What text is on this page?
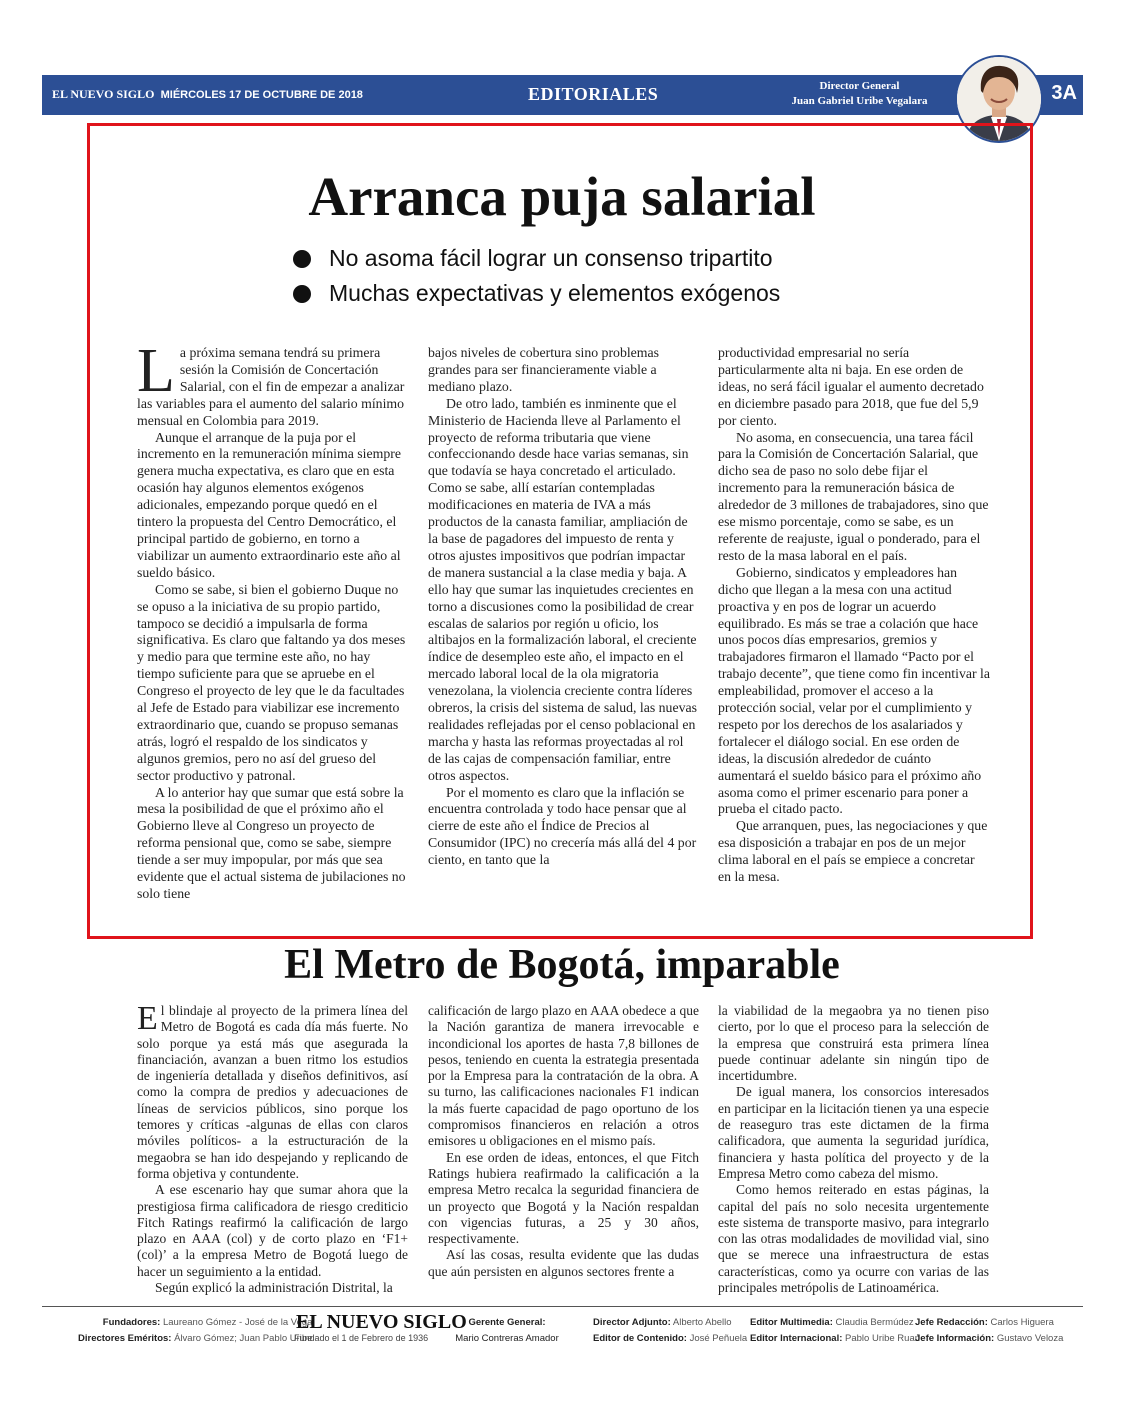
EL NUEVO SIGLO MIÉRCOLES 17 DE OCTUBRE DE 2018	EDITORIALES	Director General
Juan Gabriel Uribe Vegalara	3A
Arranca puja salarial
No asoma fácil lograr un consenso tripartito
Muchas expectativas y elementos exógenos

La próxima semana tendrá su primera sesión la Comisión de Concertación Salarial, con el fin de empezar a analizar las variables para el aumento del salario mínimo mensual en Colombia para 2019.

Aunque el arranque de la puja por el incremento en la remuneración mínima siempre genera mucha expectativa, es claro que en esta ocasión hay algunos elementos exógenos adicionales, empezando porque quedó en el tintero la propuesta del Centro Democrático, el principal partido de gobierno, en torno a viabilizar un aumento extraordinario este año al sueldo básico.

Como se sabe, si bien el gobierno Duque no se opuso a la iniciativa de su propio partido, tampoco se decidió a impulsarla de forma significativa. Es claro que faltando ya dos meses y medio para que termine este año, no hay tiempo suficiente para que se apruebe en el Congreso el proyecto de ley que le da facultades al Jefe de Estado para viabilizar ese incremento extraordinario que, cuando se propuso semanas atrás, logró el respaldo de los sindicatos y algunos gremios, pero no así del grueso del sector productivo y patronal.

A lo anterior hay que sumar que está sobre la mesa la posibilidad de que el próximo año el Gobierno lleve al Congreso un proyecto de reforma pensional que, como se sabe, siempre tiende a ser muy impopular, por más que sea evidente que el actual sistema de jubilaciones no solo tiene

bajos niveles de cobertura sino problemas grandes para ser financieramente viable a mediano plazo.

De otro lado, también es inminente que el Ministerio de Hacienda lleve al Parlamento el proyecto de reforma tributaria que viene confeccionando desde hace varias semanas, sin que todavía se haya concretado el articulado. Como se sabe, allí estarían contempladas modificaciones en materia de IVA a más productos de la canasta familiar, ampliación de la base de pagadores del impuesto de renta y otros ajustes impositivos que podrían impactar de manera sustancial a la clase media y baja. A ello hay que sumar las inquietudes crecientes en torno a discusiones como la posibilidad de crear escalas de salarios por región u oficio, los altibajos en la formalización laboral, el creciente índice de desempleo este año, el impacto en el mercado laboral local de la ola migratoria venezolana, la violencia creciente contra líderes obreros, la crisis del sistema de salud, las nuevas realidades reflejadas por el censo poblacional en marcha y hasta las reformas proyectadas al rol de las cajas de compensación familiar, entre otros aspectos.

Por el momento es claro que la inflación se encuentra controlada y todo hace pensar que al cierre de este año el Índice de Precios al Consumidor (IPC) no crecería más allá del 4 por ciento, en tanto que la

productividad empresarial no sería particularmente alta ni baja. En ese orden de ideas, no será fácil igualar el aumento decretado en diciembre pasado para 2018, que fue del 5,9 por ciento.

No asoma, en consecuencia, una tarea fácil para la Comisión de Concertación Salarial, que dicho sea de paso no solo debe fijar el incremento para la remuneración básica de alrededor de 3 millones de trabajadores, sino que ese mismo porcentaje, como se sabe, es un referente de reajuste, igual o ponderado, para el resto de la masa laboral en el país.

Gobierno, sindicatos y empleadores han dicho que llegan a la mesa con una actitud proactiva y en pos de lograr un acuerdo equilibrado. Es más se trae a colación que hace unos pocos días empresarios, gremios y trabajadores firmaron el llamado “Pacto por el trabajo decente”, que tiene como fin incentivar la empleabilidad, promover el acceso a la protección social, velar por el cumplimiento y respeto por los derechos de los asalariados y fortalecer el diálogo social. En ese orden de ideas, la discusión alrededor de cuánto aumentará el sueldo básico para el próximo año asoma como el primer escenario para poner a prueba el citado pacto.

Que arranquen, pues, las negociaciones y que esa disposición a trabajar en pos de un mejor clima laboral en el país se empiece a concretar en la mesa.

El Metro de Bogotá, imparable

El blindaje al proyecto de la primera línea del Metro de Bogotá es cada día más fuerte. No solo porque ya está más que asegurada la financiación, avanzan a buen ritmo los estudios de ingeniería detallada y diseños definitivos, así como la compra de predios y adecuaciones de líneas de servicios públicos, sino porque los temores y críticas -algunas de ellas con claros móviles políticos- a la estructuración de la megaobra se han ido despejando y replicando de forma objetiva y contundente.

A ese escenario hay que sumar ahora que la prestigiosa firma calificadora de riesgo crediticio Fitch Ratings reafirmó la calificación de largo plazo en AAA (col) y de corto plazo en ‘F1+ (col)’ a la empresa Metro de Bogotá luego de hacer un seguimiento a la entidad.

Según explicó la administración Distrital, la

calificación de largo plazo en AAA obedece a que la Nación garantiza de manera irrevocable e incondicional los aportes de hasta 7,8 billones de pesos, teniendo en cuenta la estrategia presentada por la Empresa para la contratación de la obra. A su turno, las calificaciones nacionales F1 indican la más fuerte capacidad de pago oportuno de los compromisos financieros en relación a otros emisores u obligaciones en el mismo país.

En ese orden de ideas, entonces, el que Fitch Ratings hubiera reafirmado la calificación a la empresa Metro recalca la seguridad financiera de un proyecto que Bogotá y la Nación respaldan con vigencias futuras, a 25 y 30 años, respectivamente.

Así las cosas, resulta evidente que las dudas que aún persisten en algunos sectores frente a

la viabilidad de la megaobra ya no tienen piso cierto, por lo que el proceso para la selección de la empresa que construirá esta primera línea puede continuar adelante sin ningún tipo de incertidumbre.

De igual manera, los consorcios interesados en participar en la licitación tienen ya una especie de reaseguro tras este dictamen de la firma calificadora, que aumenta la seguridad jurídica, financiera y hasta política del proyecto y de la Empresa Metro como cabeza del mismo.

Como hemos reiterado en estas páginas, la capital del país no solo necesita urgentemente este sistema de transporte masivo, para integrarlo con las otras modalidades de movilidad vial, sino que se merece una infraestructura de estas características, como ya ocurre con varias de las principales metrópolis de Latinoamérica.

Fundadores: Laureano Gómez - José de la Vega
Directores Eméritos: Álvaro Gómez; Juan Pablo Uribe
EL NUEVO SIGLO
Fundado el 1 de Febrero de 1936
Gerente General:
Mario Contreras Amador
Director Adjunto: Alberto Abello
Editor de Contenido: José Peñuela
Editor Multimedia: Claudia Bermúdez
Editor Internacional: Pablo Uribe Ruan
Jefe Redacción: Carlos Higuera
Jefe Información: Gustavo Veloza
